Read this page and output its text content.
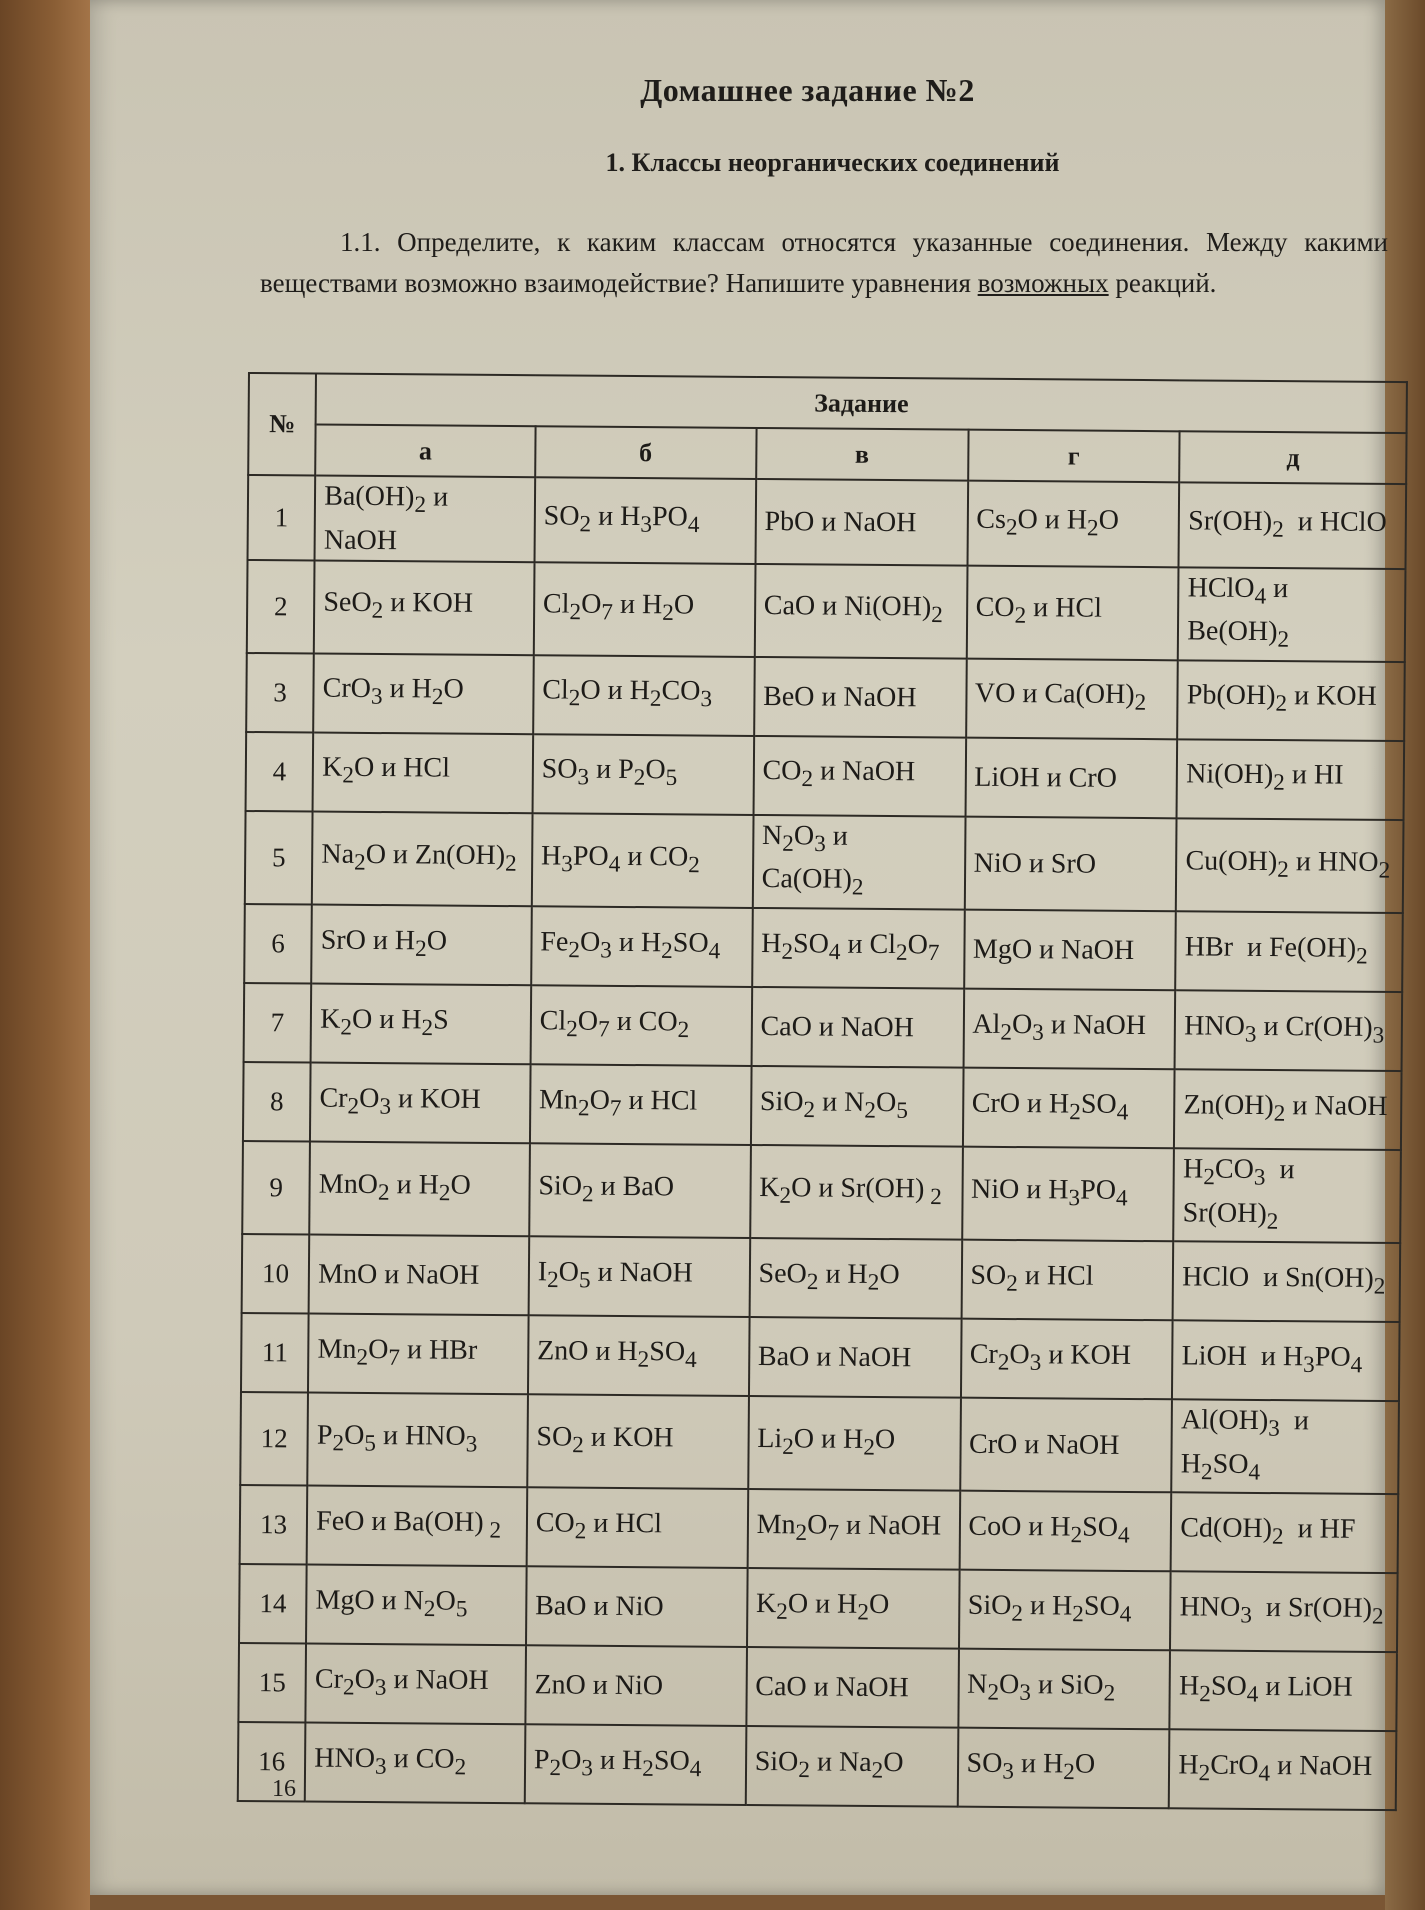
Домашнее задание №2
1. Классы неорганических соединений
1.1. Определите, к каким классам относятся указанные соединения. Между какими веществами возможно взаимодействие? Напишите уравнения возможных реакций.
№	Задание				
	а	б	в	г	д
1	$Ba(OH)_2$ и NaOH	$SO_2$ и $H_3PO_4$	PbO и NaOH	$Cs_2O$ и $H_2O$	$Sr(OH)_2$  и HClO
2	SeO$_2$ и KOH	$Cl_2O_7$ и $H_2O$	CaO и $Ni(OH)_2$	$CO_2$ и HCl	HClO$_4$ и $Be(OH)_2$
3	CrO$_3$ и $H_2O$	$Cl_2O$ и $H_2CO_3$	BeO и NaOH	VO и $Ca(OH)_2$	$Pb(OH)_2$ и KOH
4	$K_2O$ и HCl	$SO_3$ и $P_2O_5$	$CO_2$ и NaOH	LiOH и CrO	$Ni(OH)_2$ и HI
5	$Na_2O$ и $Zn(OH)_2$	$H_3PO_4$ и $CO_2$	$N_2O_3$ и $Ca(OH)_2$	NiO и SrO	$Cu(OH)_2$ и $HNO_2$
6	SrO и $H_2O$	$Fe_2O_3$ и $H_2SO_4$	$H_2SO_4$ и $Cl_2O_7$	MgO и NaOH	HBr  и $Fe(OH)_2$
7	$K_2O$ и $H_2S$	$Cl_2O_7$ и $CO_2$	CaO и NaOH	$Al_2O_3$ и NaOH	$HNO_3$ и $Cr(OH)_3$
8	$Cr_2O_3$ и KOH	$Mn_2O_7$ и HCl	SiO$_2$ и $N_2O_5$	CrO и $H_2SO_4$	$Zn(OH)_2$ и NaOH
9	MnO$_2$ и $H_2O$	SiO$_2$ и BaO	$K_2O$ и Sr(OH) $_2$	NiO и $H_3PO_4$	$H_2CO_3$  и $Sr(OH)_2$
10	MnO и NaOH	$I_2O_5$ и NaOH	SeO$_2$ и $H_2O$	$SO_2$ и HCl	HClO  и $Sn(OH)_2$
11	$Mn_2O_7$ и HBr	ZnO и $H_2SO_4$	BaO и NaOH	$Cr_2O_3$ и KOH	LiOH  и $H_3PO_4$
12	$P_2O_5$ и $HNO_3$	$SO_2$ и KOH	$Li_2O$ и $H_2O$	CrO и NaOH	$Al(OH)_3$  и $H_2SO_4$
13	FeO и Ba(OH) $_2$	$CO_2$ и HCl	$Mn_2O_7$ и NaOH	CoO и $H_2SO_4$	$Cd(OH)_2$  и HF
14	MgO и $N_2O_5$	BaO и NiO	$K_2O$ и $H_2O$	SiO$_2$ и $H_2SO_4$	$HNO_3$  и $Sr(OH)_2$
15	$Cr_2O_3$ и NaOH	ZnO и NiO	CaO и NaOH	$N_2O_3$ и SiO$_2$	$H_2SO_4$ и LiOH
16	$HNO_3$ и $CO_2$	$P_2O_3$ и $H_2SO_4$	SiO$_2$ и $Na_2O$	$SO_3$ и $H_2O$	$H_2CrO_4$ и NaOH
16
